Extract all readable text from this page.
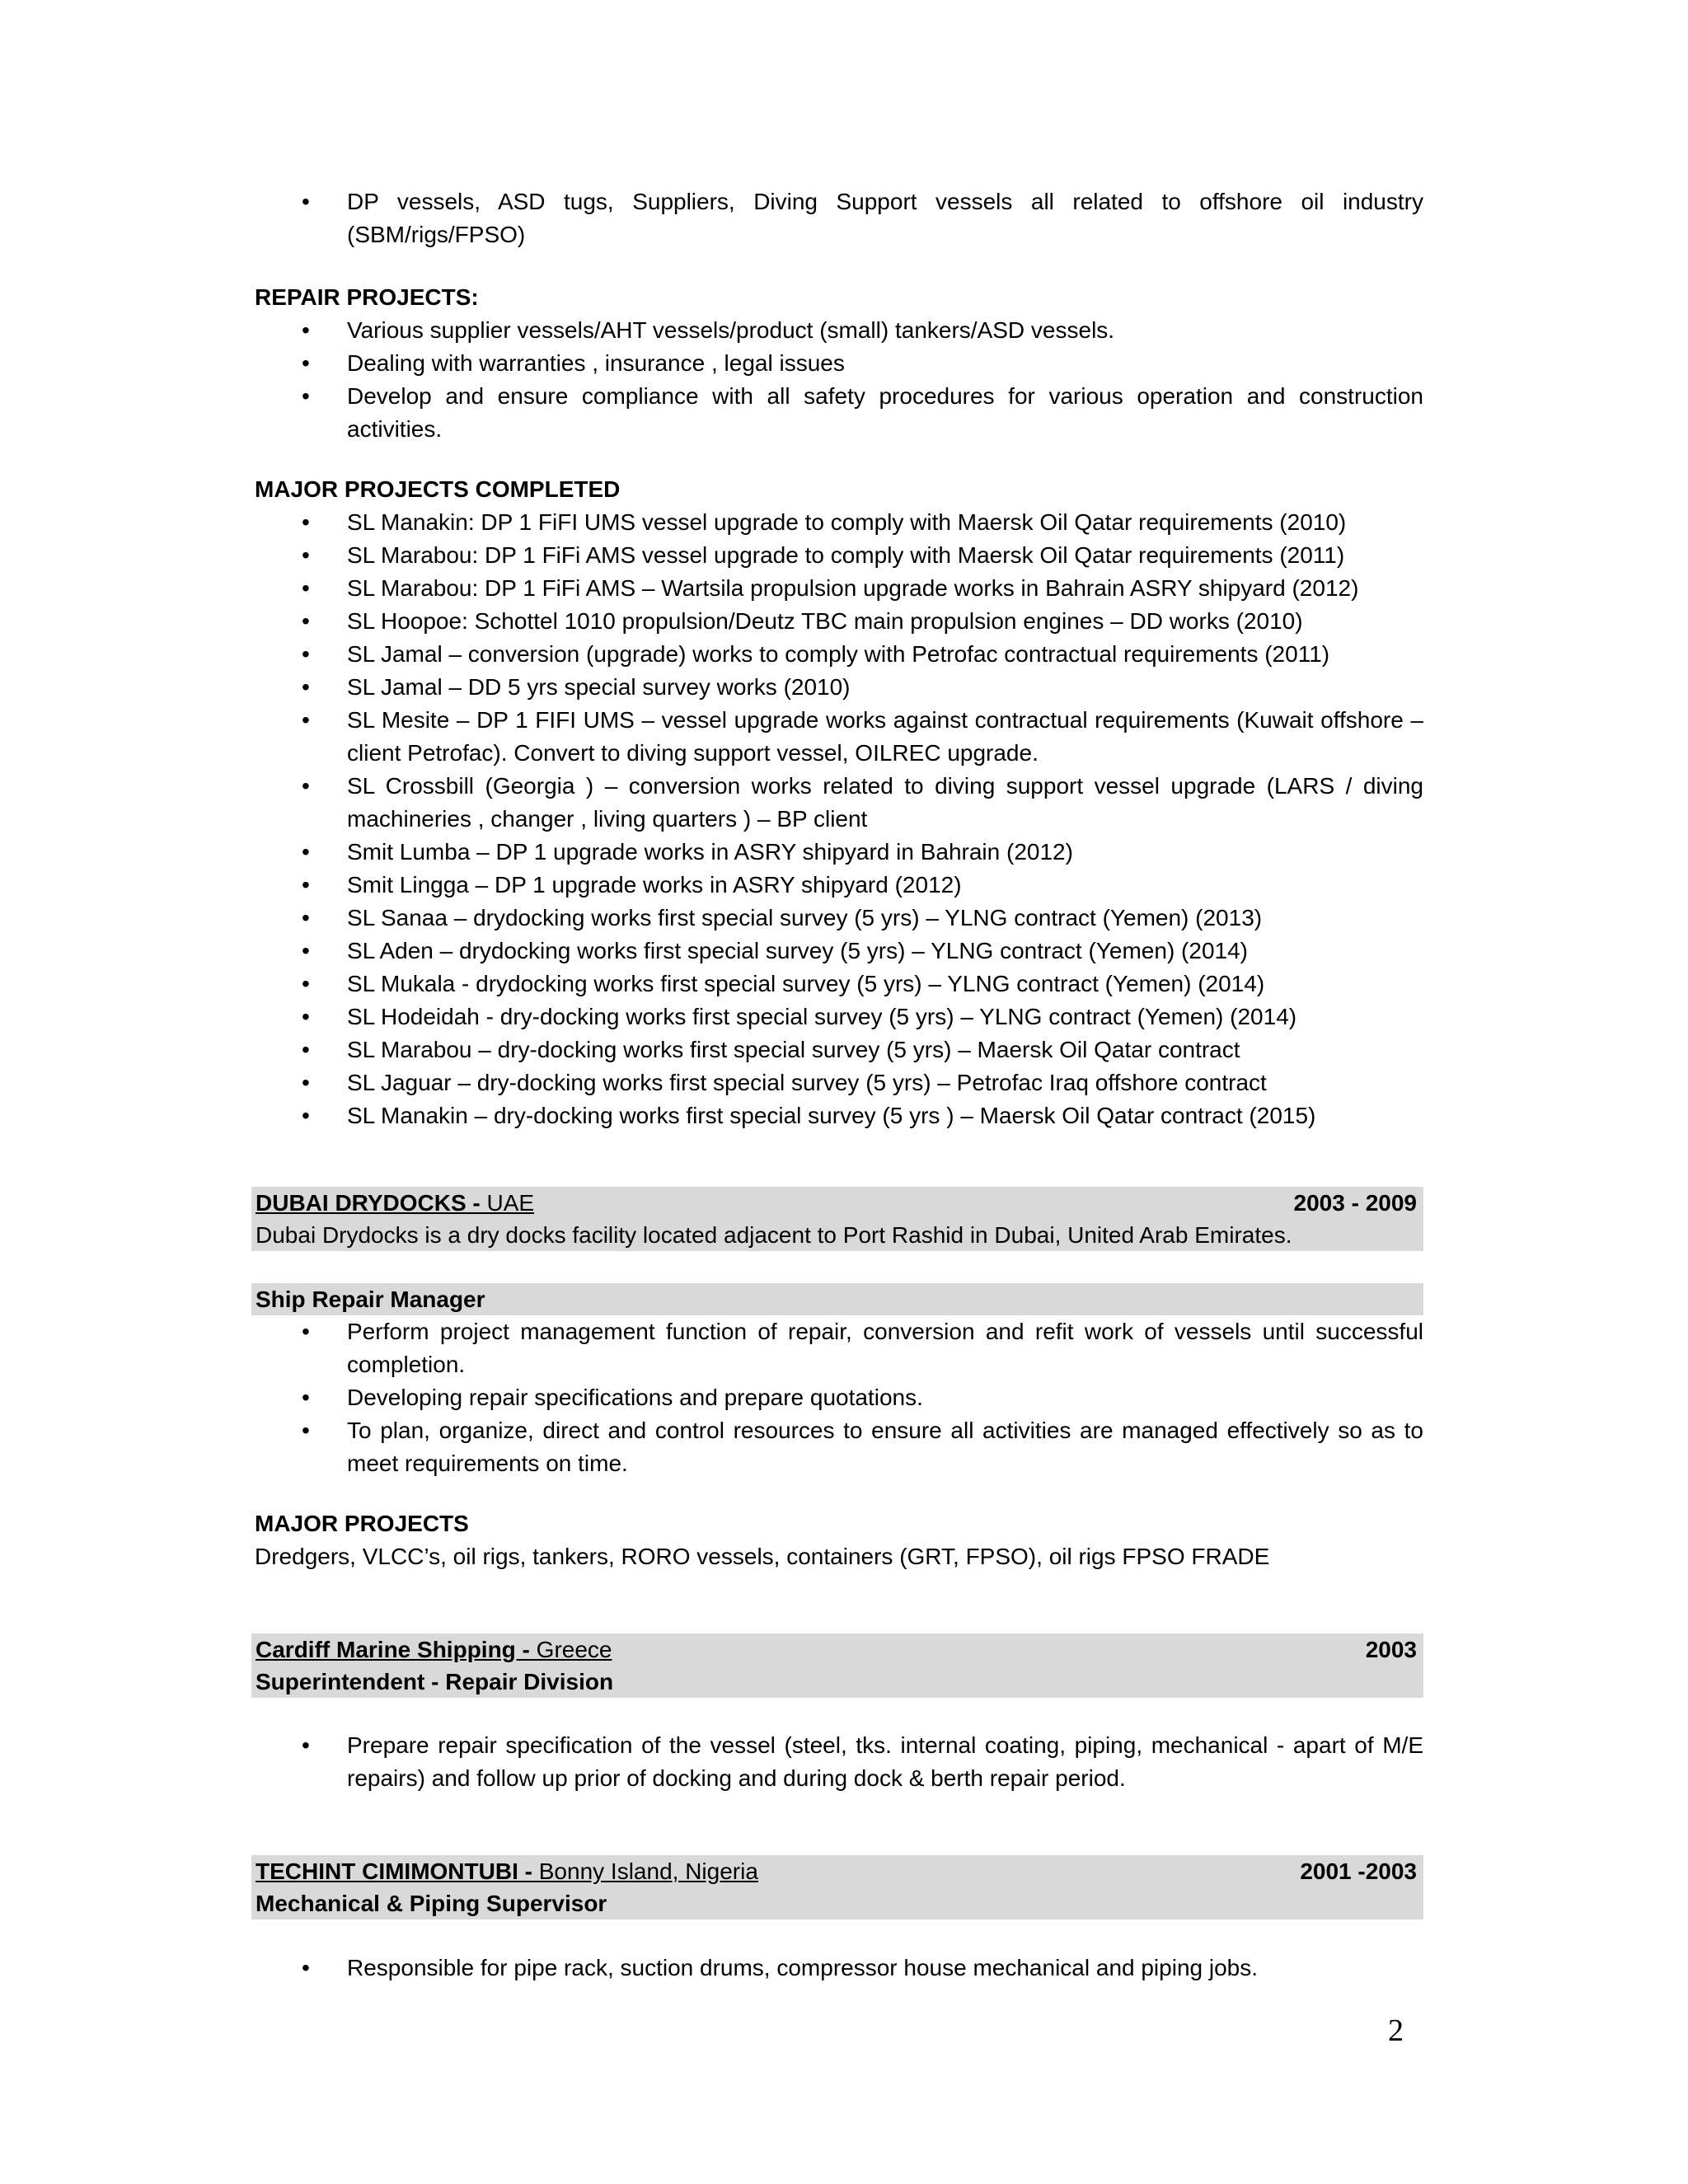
• DP vessels, ASD tugs, Suppliers, Diving Support vessels all related to offshore oil industry (SBM/rigs/FPSO)
REPAIR PROJECTS:
• Various supplier vessels/AHT vessels/product (small) tankers/ASD vessels.
• Dealing with warranties , insurance , legal issues
• Develop and ensure compliance with all safety procedures for various operation and construction activities.
MAJOR PROJECTS COMPLETED
• SL Manakin: DP 1 FiFI UMS vessel upgrade to comply with Maersk Oil Qatar requirements (2010)
• SL Marabou: DP 1 FiFi AMS vessel upgrade to comply with Maersk Oil Qatar requirements (2011)
• SL Marabou: DP 1 FiFi AMS – Wartsila propulsion upgrade works in Bahrain ASRY shipyard (2012)
• SL Hoopoe: Schottel 1010 propulsion/Deutz TBC main propulsion engines – DD works (2010)
• SL Jamal – conversion (upgrade) works to comply with Petrofac contractual requirements (2011)
• SL Jamal – DD 5 yrs special survey works (2010)
• SL Mesite – DP 1 FIFI UMS – vessel upgrade works against contractual requirements (Kuwait offshore – client Petrofac). Convert to diving support vessel, OILREC upgrade.
• SL Crossbill (Georgia ) – conversion works related to diving support vessel upgrade (LARS / diving machineries , changer , living quarters ) – BP client
• Smit Lumba – DP 1 upgrade works in ASRY shipyard in Bahrain (2012)
• Smit Lingga – DP 1 upgrade works in ASRY shipyard (2012)
• SL Sanaa – drydocking works first special survey (5 yrs) – YLNG contract (Yemen) (2013)
• SL Aden – drydocking works first special survey (5 yrs) – YLNG contract (Yemen) (2014)
• SL Mukala - drydocking works first special survey (5 yrs) – YLNG contract (Yemen) (2014)
• SL Hodeidah - dry-docking works first special survey (5 yrs) – YLNG contract (Yemen) (2014)
• SL Marabou – dry-docking works first special survey (5 yrs) – Maersk Oil Qatar contract
• SL Jaguar – dry-docking works first special survey (5 yrs) – Petrofac Iraq offshore contract
• SL Manakin – dry-docking works first special survey (5 yrs ) – Maersk Oil Qatar contract (2015)
DUBAI DRYDOCKS - UAE	2003 - 2009
Dubai Drydocks is a dry docks facility located adjacent to Port Rashid in Dubai, United Arab Emirates.
Ship Repair Manager
• Perform project management function of repair, conversion and refit work of vessels until successful completion.
• Developing repair specifications and prepare quotations.
• To plan, organize, direct and control resources to ensure all activities are managed effectively so as to meet requirements on time.
MAJOR PROJECTS
Dredgers, VLCC’s, oil rigs, tankers, RORO vessels, containers (GRT, FPSO), oil rigs FPSO FRADE
Cardiff Marine Shipping - Greece	2003
Superintendent - Repair Division
• Prepare repair specification of the vessel (steel, tks. internal coating, piping, mechanical - apart of M/E repairs) and follow up prior of docking and during dock & berth repair period.
TECHINT CIMIMONTUBI - Bonny Island, Nigeria	2001 -2003
Mechanical & Piping Supervisor
• Responsible for pipe rack, suction drums, compressor house mechanical and piping jobs.
2
